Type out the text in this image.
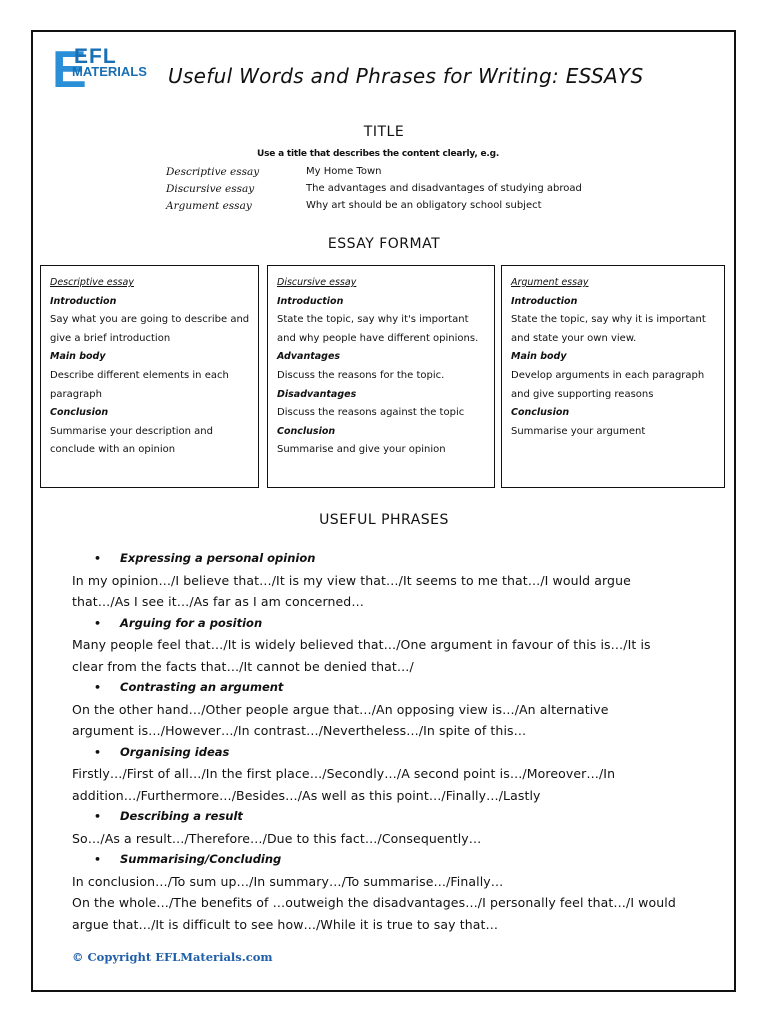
E
EFL
MATERIALS Useful Words and Phrases for Writing: ESSAYS
TITLE
Use a title that describes the content clearly, e.g.
Descriptive essay	My Home Town
Discursive essay	The advantages and disadvantages of studying abroad
Argument essay	Why art should be an obligatory school subject
ESSAY FORMAT
Descriptive essay
Introduction
Say what you are going to describe and give a brief introduction
Main body
Describe different elements in each paragraph
Conclusion
Summarise your description and conclude with an opinion
Discursive essay
Introduction
State the topic, say why it's important and why people have different opinions.
Advantages
Discuss the reasons for the topic.
Disadvantages
Discuss the reasons against the topic
Conclusion
Summarise and give your opinion
Argument essay
Introduction
State the topic, say why it is important and state your own view.
Main body
Develop arguments in each paragraph and give supporting reasons
Conclusion
Summarise your argument
USEFUL PHRASES
• Expressing a personal opinion
In my opinion…/I believe that…/It is my view that…/It seems to me that…/I would argue
that…/As I see it…/As far as I am concerned…
• Arguing for a position
Many people feel that…/It is widely believed that…/One argument in favour of this is…/It is
clear from the facts that…/It cannot be denied that…/
• Contrasting an argument
On the other hand…/Other people argue that…/An opposing view is…/An alternative
argument is…/However…/In contrast…/Nevertheless…/In spite of this…
• Organising ideas
Firstly…/First of all…/In the first place…/Secondly…/A second point is…/Moreover…/In
addition…/Furthermore…/Besides…/As well as this point…/Finally…/Lastly
• Describing a result
So…/As a result…/Therefore…/Due to this fact…/Consequently…
• Summarising/Concluding
In conclusion…/To sum up…/In summary…/To summarise…/Finally…
On the whole…/The benefits of …outweigh the disadvantages…/I personally feel that…/I would
argue that…/It is difficult to see how…/While it is true to say that…
© Copyright EFLMaterials.com
